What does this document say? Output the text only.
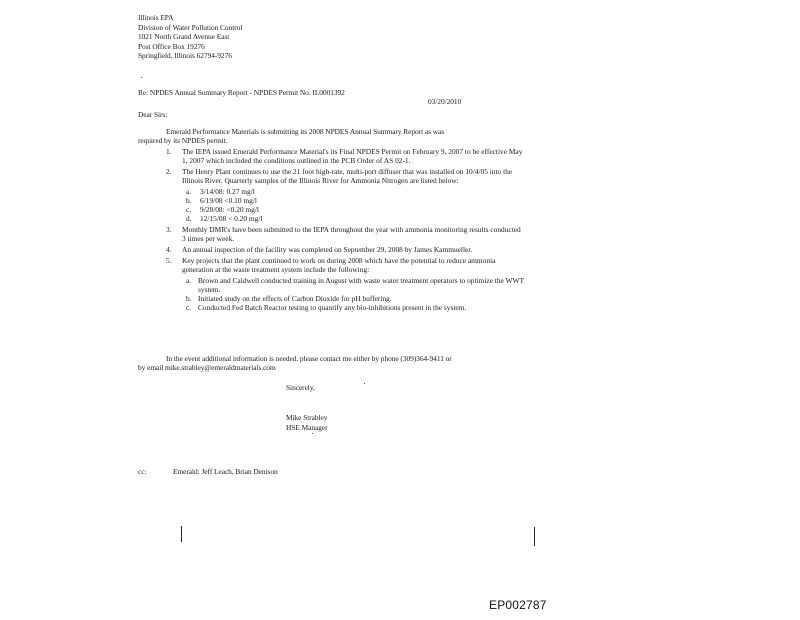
Illinois EPA
Division of Water Pollution Control
1021 North Grand Avenue East
Post Office Box 19276
Springfield, Illinois 62794-9276
Re: NPDES Annual Summary Report - NPDES Permit No. IL0001392
03/20/2010
Dear Sirs:
Emerald Performance Materials is submitting its 2008 NPDES Annual Summary Report as was
required by its NPDES permit.
1. The IEPA issued Emerald Performance Material's its Final NPDES Permit on February 9, 2007 to be effective May 1, 2007 which included the conditions outlined in the PCB Order of AS 02-1.
2. The Henry Plant continues to use the 21 foot high-rate, multi-port diffuser that was installed on 10/4/05 into the Illinois River. Quarterly samples of the Illinois River for Ammonia Nitrogen are listed below:
a. 3/14/08: 0.27 mg/l
b. 6/19/08 <0.10 mg/l
c. 9/28/08: <0.20 mg/l
d. 12/15/08 < 0.20 mg/l
3. Monthly DMR's have been submitted to the IEPA throughout the year with ammonia monitoring results conducted 3 times per week.
4. An annual inspection of the facility was completed on September 29, 2008 by James Kammueller.
5. Key projects that the plant continued to work on during 2008 which have the potential to reduce ammonia generation at the waste treatment system include the following:
a. Brown and Caldwell conducted training in August with waste water treatment operators to optimize the WWT system.
b. Initiated study on the effects of Carbon Dioxide for pH buffering.
c. Conducted Fed Batch Reactor testing to quantify any bio-inhibitions present in the system.
In the event additional information is needed, please contact me either by phone (309)364-9411 or
by email mike.strabley@emeraldmaterials.com
Sincerely,
Mike Strabley
HSE Manager
cc:	Emerald: Jeff Leach, Brian Denison
EP002787
